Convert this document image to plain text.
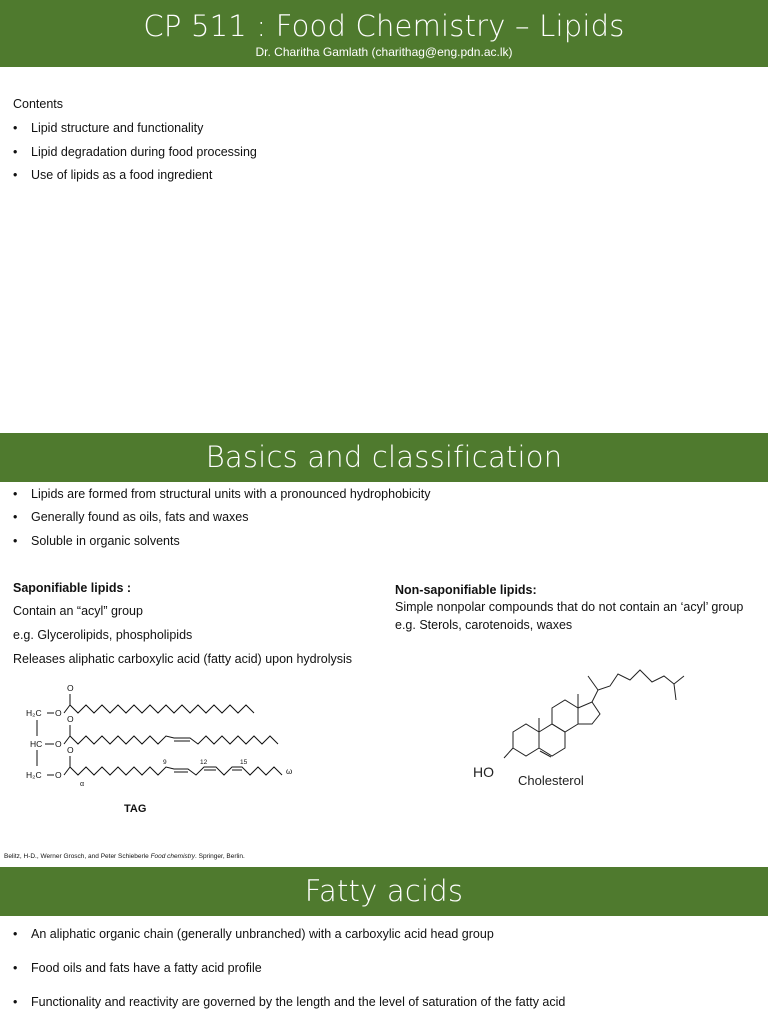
CP 511 : Food Chemistry – Lipids
Dr. Charitha Gamlath (charithag@eng.pdn.ac.lk)
Contents
• Lipid structure and functionality
• Lipid degradation during food processing
• Use of lipids as a food ingredient
Basics and classification
• Lipids are formed from structural units with a pronounced hydrophobicity
• Generally found as oils, fats and waxes
• Soluble in organic solvents
Saponifiable lipids :
Contain an “acyl” group
e.g. Glycerolipids, phospholipids
Releases aliphatic carboxylic acid (fatty acid) upon hydrolysis
Non-saponifiable lipids:
Simple nonpolar compounds that do not contain an ‘acyl’ group
e.g. Sterols, carotenoids, waxes
H₂C O
O
HC O
O
H₂C O
O
α
ω
9	12	15
TAG
HO
Cholesterol
Belitz, H-D., Werner Grosch, and Peter Schieberle Food chemistry. Springer, Berlin.
Fatty acids
• An aliphatic organic chain (generally unbranched) with a carboxylic acid head group
• Food oils and fats have a fatty acid profile
• Functionality and reactivity are governed by the length and the level of saturation of the fatty acid
